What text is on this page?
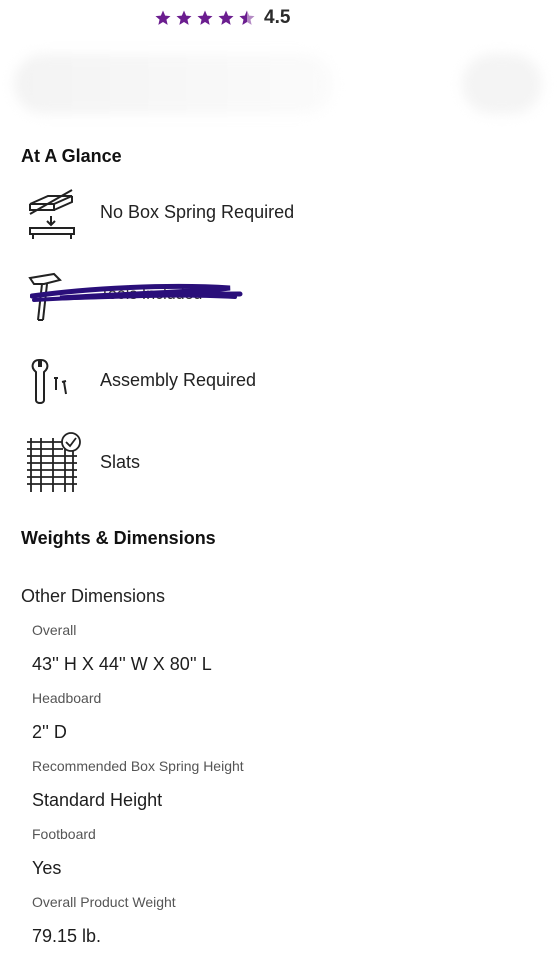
4.5
At A Glance
No Box Spring Required
Tools Included
Assembly Required
Slats
Weights & Dimensions
Other Dimensions
Overall
43'' H X 44'' W X 80'' L
Headboard
2'' D
Recommended Box Spring Height
Standard Height
Footboard
Yes
Overall Product Weight
79.15 lb.
